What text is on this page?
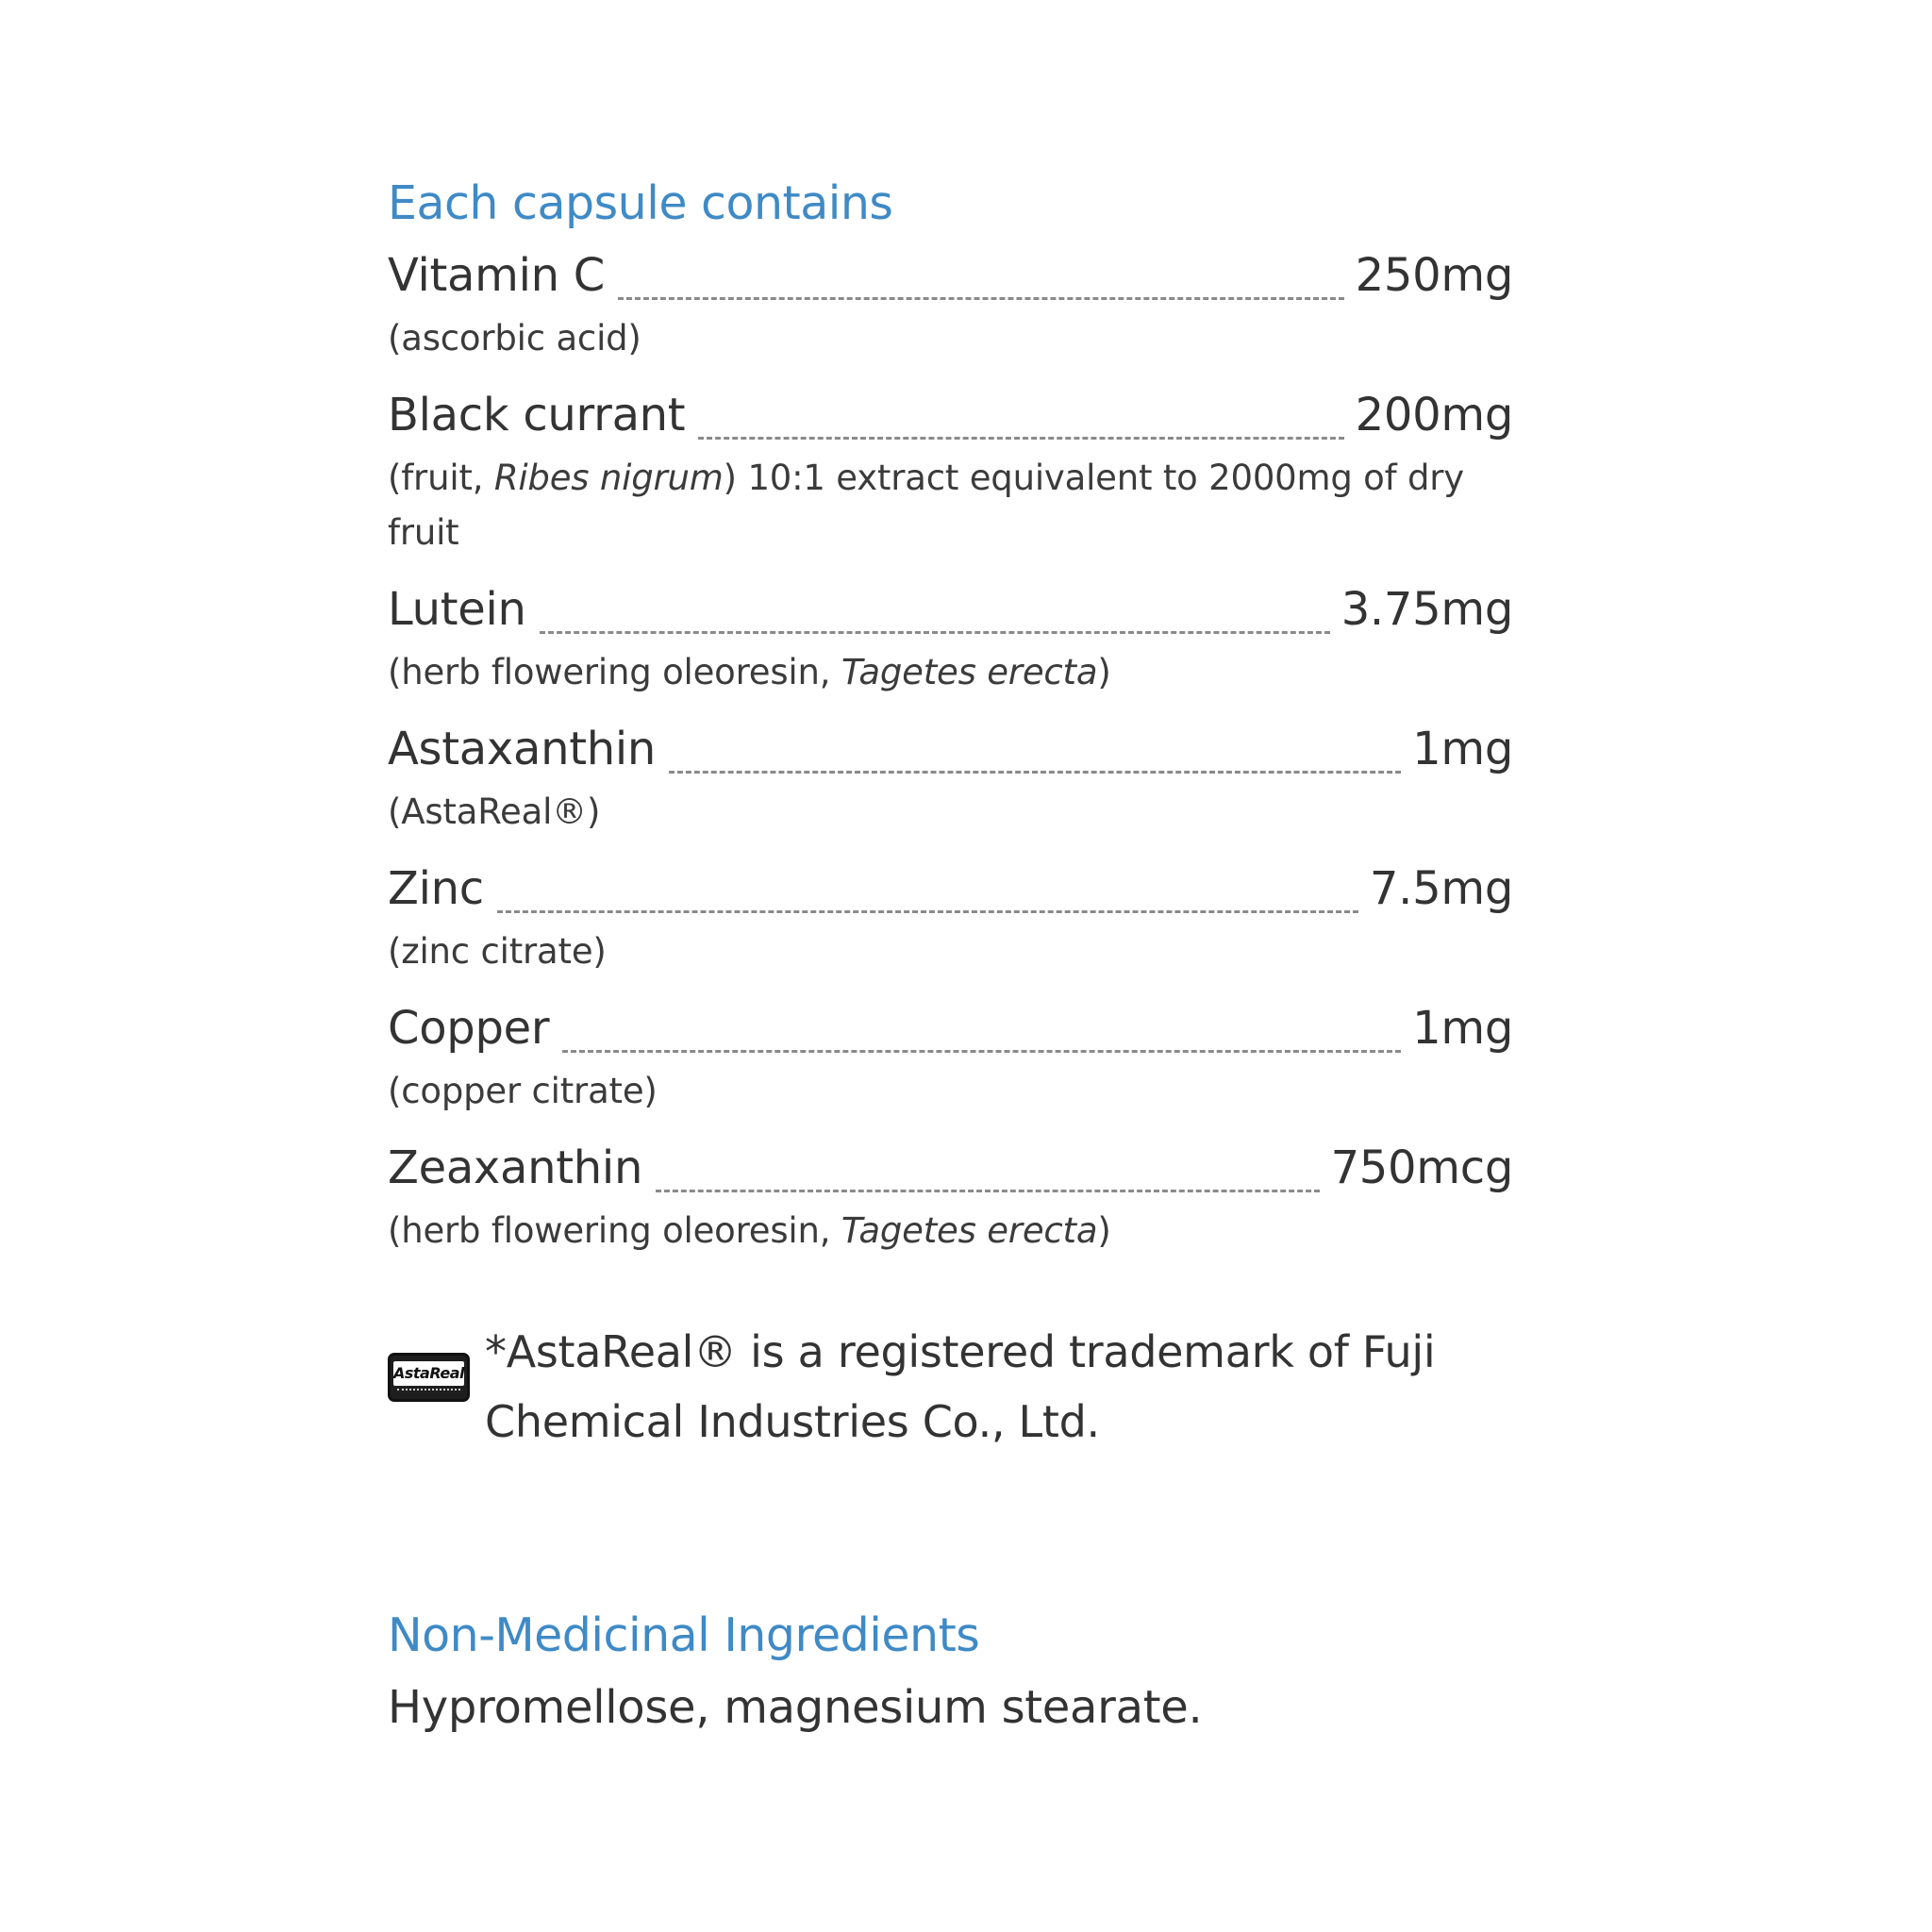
Each capsule contains
Vitamin C	250mg
(ascorbic acid)
Black currant	200mg
(fruit, Ribes nigrum) 10:1 extract equivalent to 2000mg of dry fruit
Lutein	3.75mg
(herb flowering oleoresin, Tagetes erecta)
Astaxanthin	1mg
(AstaReal®)
Zinc	7.5mg
(zinc citrate)
Copper	1mg
(copper citrate)
Zeaxanthin	750mcg
(herb flowering oleoresin, Tagetes erecta)
AstaReal *AstaReal® is a registered trademark of Fuji Chemical Industries Co., Ltd.
Non-Medicinal Ingredients
Hypromellose, magnesium stearate.
